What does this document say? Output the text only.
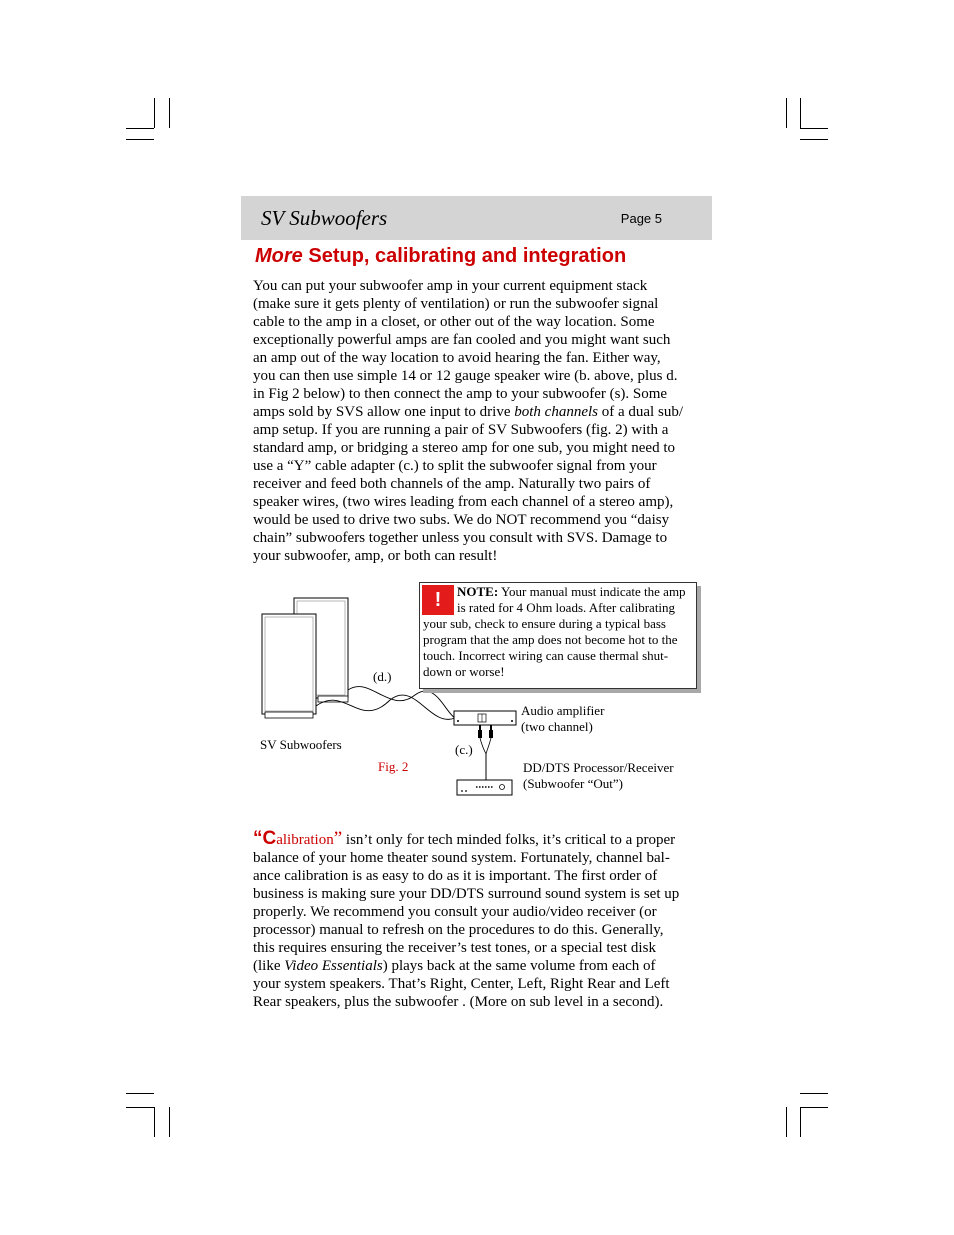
SV Subwoofers	Page 5
More Setup, calibrating and integration

You can put your subwoofer amp in your current equipment stack
(make sure it gets plenty of ventilation) or run the subwoofer signal
cable to the amp in a closet, or other out of the way location. Some
exceptionally powerful amps are fan cooled and you might want such
an amp out of the way location to avoid hearing the fan. Either way,
you can then use simple 14 or 12 gauge speaker wire (b. above, plus d.
in Fig 2 below) to then connect the amp to your subwoofer (s). Some
amps sold by SVS allow one input to drive both channels of a dual sub/
amp setup. If you are running a pair of SV Subwoofers (fig. 2) with a
standard amp, or bridging a stereo amp for one sub, you might need to
use a “Y” cable adapter (c.) to split the subwoofer signal from your
receiver and feed both channels of the amp. Naturally two pairs of
speaker wires, (two wires leading from each channel of a stereo amp),
would be used to drive two subs. We do NOT recommend you “daisy
chain” subwoofers together unless you consult with SVS. Damage to
your subwoofer, amp, or both can result!

(d.)
(c.)
SV Subwoofers
Fig. 2
Audio amplifier
(two channel)
DD/DTS Processor/Receiver
(Subwoofer “Out”)
!	NOTE: Your manual must indicate the amp is rated for 4 Ohm loads. After calibrating your sub, check to ensure during a typical bass program that the amp does not become hot to the touch. Incorrect wiring can cause thermal shut-down or worse!

“Calibration” isn’t only for tech minded folks, it’s critical to a proper
balance of your home theater sound system. Fortunately, channel bal-
ance calibration is as easy to do as it is important. The first order of
business is making sure your DD/DTS surround sound system is set up
properly. We recommend you consult your audio/video receiver (or
processor) manual to refresh on the procedures to do this. Generally,
this requires ensuring the receiver’s test tones, or a special test disk
(like Video Essentials) plays back at the same volume from each of
your system speakers. That’s Right, Center, Left, Right Rear and Left
Rear speakers, plus the subwoofer . (More on sub level in a second).
